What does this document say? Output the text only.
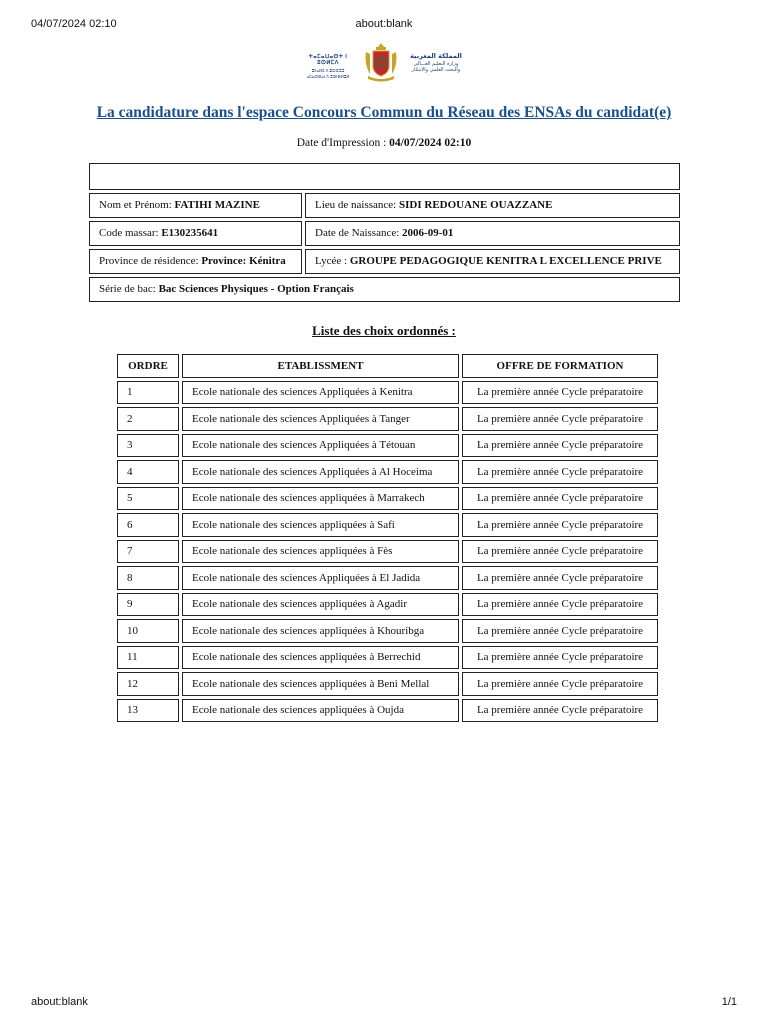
04/07/2024 02:10	about:blank
ⵜⴰⵎⴰⵡⴰⵙⵜ ⵏ ⵓⵙⵍⵎⴷ
ⵓⵏⵏⴰⵍⵉ ⴷ ⵓⵔⵣⵣⵓ
ⴰⵎⴰⵙⵙⴰⵏ ⴷ ⵓⵙⵏⴼⵍⵓⵍ
المملكة المغربية
وزارة التعليم العـــالي
والبحث العلمي والابتكار
La candidature dans l'espace Concours Commun du Réseau des ENSAs du candidat(e)
Date d'Impression : 04/07/2024 02:10
Nom et Prénom: FATIHI MAZINE	Lieu de naissance: SIDI REDOUANE OUAZZANE
Code massar: E130235641	Date de Naissance: 2006-09-01
Province de résidence: Province: Kénitra	Lycée : GROUPE PEDAGOGIQUE KENITRA L EXCELLENCE PRIVE
Série de bac: Bac Sciences Physiques - Option Français
Liste des choix ordonnés :
ORDRE	ETABLISSMENT	OFFRE DE FORMATION
1	Ecole nationale des sciences Appliquées à Kenitra	La première année Cycle préparatoire
2	Ecole nationale des sciences Appliquées à Tanger	La première année Cycle préparatoire
3	Ecole nationale des sciences Appliquées à Tétouan	La première année Cycle préparatoire
4	Ecole nationale des sciences Appliquées à Al Hoceima	La première année Cycle préparatoire
5	Ecole nationale des sciences appliquées à Marrakech	La première année Cycle préparatoire
6	Ecole nationale des sciences appliquées à Safi	La première année Cycle préparatoire
7	Ecole nationale des sciences appliquées à Fès	La première année Cycle préparatoire
8	Ecole nationale des sciences Appliquées à El Jadida	La première année Cycle préparatoire
9	Ecole nationale des sciences appliquées à Agadir	La première année Cycle préparatoire
10	Ecole nationale des sciences appliquées à Khouribga	La première année Cycle préparatoire
11	Ecole nationale des sciences appliquées à Berrechid	La première année Cycle préparatoire
12	Ecole nationale des sciences appliquées à Beni Mellal	La première année Cycle préparatoire
13	Ecole nationale des sciences appliquées à Oujda	La première année Cycle préparatoire
about:blank	1/1
